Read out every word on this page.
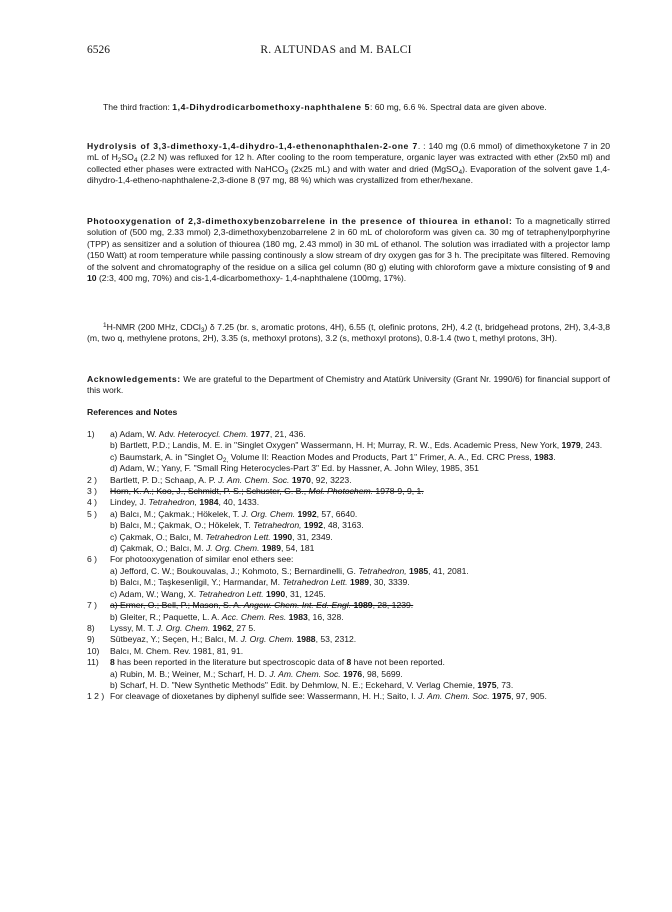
6526	R. ALTUNDAS and M. BALCI

The third fraction: 1,4-Dihydrodicarbomethoxy-naphthalene 5: 60 mg, 6.6 %. Spectral data are given above.

Hydrolysis of 3,3-dimethoxy-1,4-dihydro-1,4-ethenonaphthalen-2-one 7. : 140 mg (0.6 mmol) of dimethoxyketone 7 in 20 mL of $H_2SO_4$ (2.2 N) was refluxed for 12 h. After cooling to the room temperature, organic layer was extracted with ether (2x50 ml) and collected ether phases were extracted with NaHCO$_3$ (2x25 mL) and with water and dried (MgSO$_4$). Evaporation of the solvent gave 1,4-dihydro-1,4-etheno-naphthalene-2,3-dione 8 (97 mg, 88 %) which was crystallized from ether/hexane.

Photooxygenation of 2,3-dimethoxybenzobarrelene in the presence of thiourea in ethanol: To a magnetically stirred solution of (500 mg, 2.33 mmol) 2,3-dimethoxybenzobarrelene 2 in 60 mL of choloroform was given ca. 30 mg of tetraphenylporphyrine (TPP) as sensitizer and a solution of thiourea (180 mg, 2.43 mmol) in 30 mL of ethanol. The solution was irradiated with a projector lamp (150 Watt) at room temperature while passing continously a slow stream of dry oxygen gas for 3 h. The precipitate was filtered. Removing of the solvent and chromatography of the residue on a silica gel column (80 g) eluting with chloroform gave a mixture consisting of 9 and 10 (2:3, 400 mg, 70%) and cis-1,4-dicarbomethoxy- 1,4-naphthalene (100mg, 17%).

$^1$H-NMR (200 MHz, CDCl$_3$) δ 7.25 (br. s, aromatic protons, 4H), 6.55 (t, olefinic protons, 2H), 4.2 (t, bridgehead protons, 2H), 3,4-3,8 (m, two q, methylene protons, 2H), 3.35 (s, methoxyl protons), 3.2 (s, methoxyl protons), 0.8-1.4 (two t, methyl protons, 3H).

Acknowledgements: We are grateful to the Department of Chemistry and Atatürk University (Grant Nr. 1990/6) for financial support of this work.

References and Notes
1)	a) Adam, W. Adv. Heterocycl. Chem. 1977, 21, 436.
b) Bartlett, P.D.; Landis, M. E. in "Singlet Oxygen" Wassermann, H. H; Murray, R. W., Eds. Academic Press, New York, 1979, 243.
c) Baumstark, A. in "Singlet $O_{2,}$ Volume II: Reaction Modes and Products, Part 1" Frimer, A. A., Ed. CRC Press, 1983.
d) Adam, W.; Yany, F. "Small Ring Heterocycles-Part 3" Ed. by Hassner, A. John Wiley, 1985, 351
2 )	Bartlett, P. D.; Schaap, A. P. J. Am. Chem. Soc. 1970, 92, 3223.
3 )	Horn, K. A.; Koo, J., Schmidt, P. S.; Schuster, G. B., Mol. Photochem. 1978-9, 9, 1.
4 )	Lindey, J. Tetrahedron, 1984, 40, 1433.
5 )	a) Balcı, M.; Çakmak.; Hökelek, T. J. Org. Chem. 1992, 57, 6640.
b) Balcı, M.; Çakmak, O.; Hökelek, T. Tetrahedron, 1992, 48, 3163.
c) Çakmak, O.; Balcı, M. Tetrahedron Lett. 1990, 31, 2349.
d) Çakmak, O.; Balcı, M. J. Org. Chem. 1989, 54, 181
6 )	For photooxygenation of similar enol ethers see:
a) Jefford, C. W.; Boukouvalas, J.; Kohmoto, S.; Bernardinelli, G. Tetrahedron, 1985, 41, 2081.
b) Balcı, M.; Taşkesenligil, Y.; Harmandar, M. Tetrahedron Lett. 1989, 30, 3339.
c) Adam, W.; Wang, X. Tetrahedron Lett. 1990, 31, 1245.
7 )	a) Ermer, O.; Bell, P.; Mason, S. A. Angew. Chem. Int. Ed. Engl. 1989, 28, 1239.
b) Gleiter, R.; Paquette, L. A. Acc. Chem. Res. 1983, 16, 328.
8)	Lyssy, M. T. J. Org. Chem. 1962, 27 5.
9)	Sütbeyaz, Y.; Seçen, H.; Balcı, M. J. Org. Chem. 1988, 53, 2312.
10)	Balcı, M. Chem. Rev. 1981, 81, 91.
11)	8 has been reported in the literature but spectroscopic data of 8 have not been reported.
a) Rubin, M. B.; Weiner, M.; Scharf, H. D. J. Am. Chem. Soc. 1976, 98, 5699.
b) Scharf, H. D. "New Synthetic Methods" Edit. by Dehmlow, N. E.; Eckehard, V. Verlag Chemie, 1975, 73.
1 2 ) For cleavage of dioxetanes by diphenyl sulfide see: Wassermann, H. H.; Saito, I. J. Am. Chem. Soc. 1975, 97, 905.
